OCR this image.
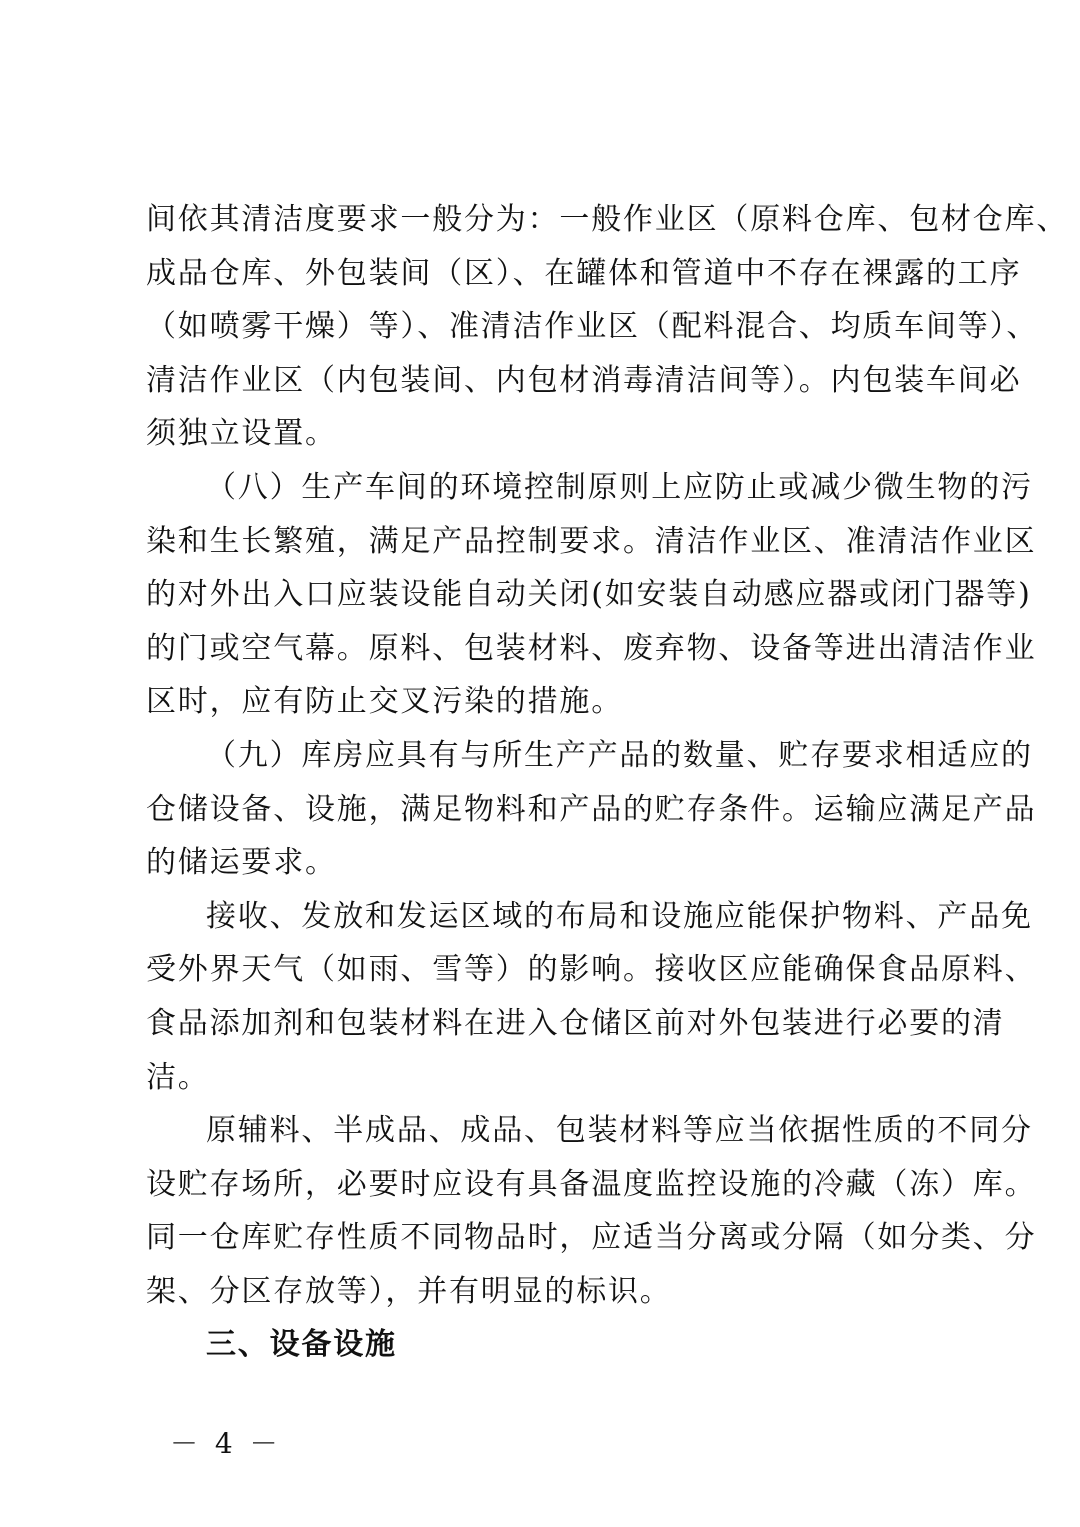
间依其清洁度要求一般分为：一般作业区（原料仓库、包材仓库、
成品仓库、外包装间（区）、在罐体和管道中不存在裸露的工序
（如喷雾干燥）等）、准清洁作业区（配料混合、均质车间等）、
清洁作业区（内包装间、内包材消毒清洁间等）。内包装车间必
须独立设置。
（八）生产车间的环境控制原则上应防止或减少微生物的污
染和生长繁殖，满足产品控制要求。清洁作业区、准清洁作业区
的对外出入口应装设能自动关闭(如安装自动感应器或闭门器等)
的门或空气幕。原料、包装材料、废弃物、设备等进出清洁作业
区时，应有防止交叉污染的措施。
（九）库房应具有与所生产产品的数量、贮存要求相适应的
仓储设备、设施，满足物料和产品的贮存条件。运输应满足产品
的储运要求。
接收、发放和发运区域的布局和设施应能保护物料、产品免
受外界天气（如雨、雪等）的影响。接收区应能确保食品原料、
食品添加剂和包装材料在进入仓储区前对外包装进行必要的清
洁。
原辅料、半成品、成品、包装材料等应当依据性质的不同分
设贮存场所，必要时应设有具备温度监控设施的冷藏（冻）库。
同一仓库贮存性质不同物品时，应适当分离或分隔（如分类、分
架、分区存放等），并有明显的标识。
三、设备设施
－ 4 －
